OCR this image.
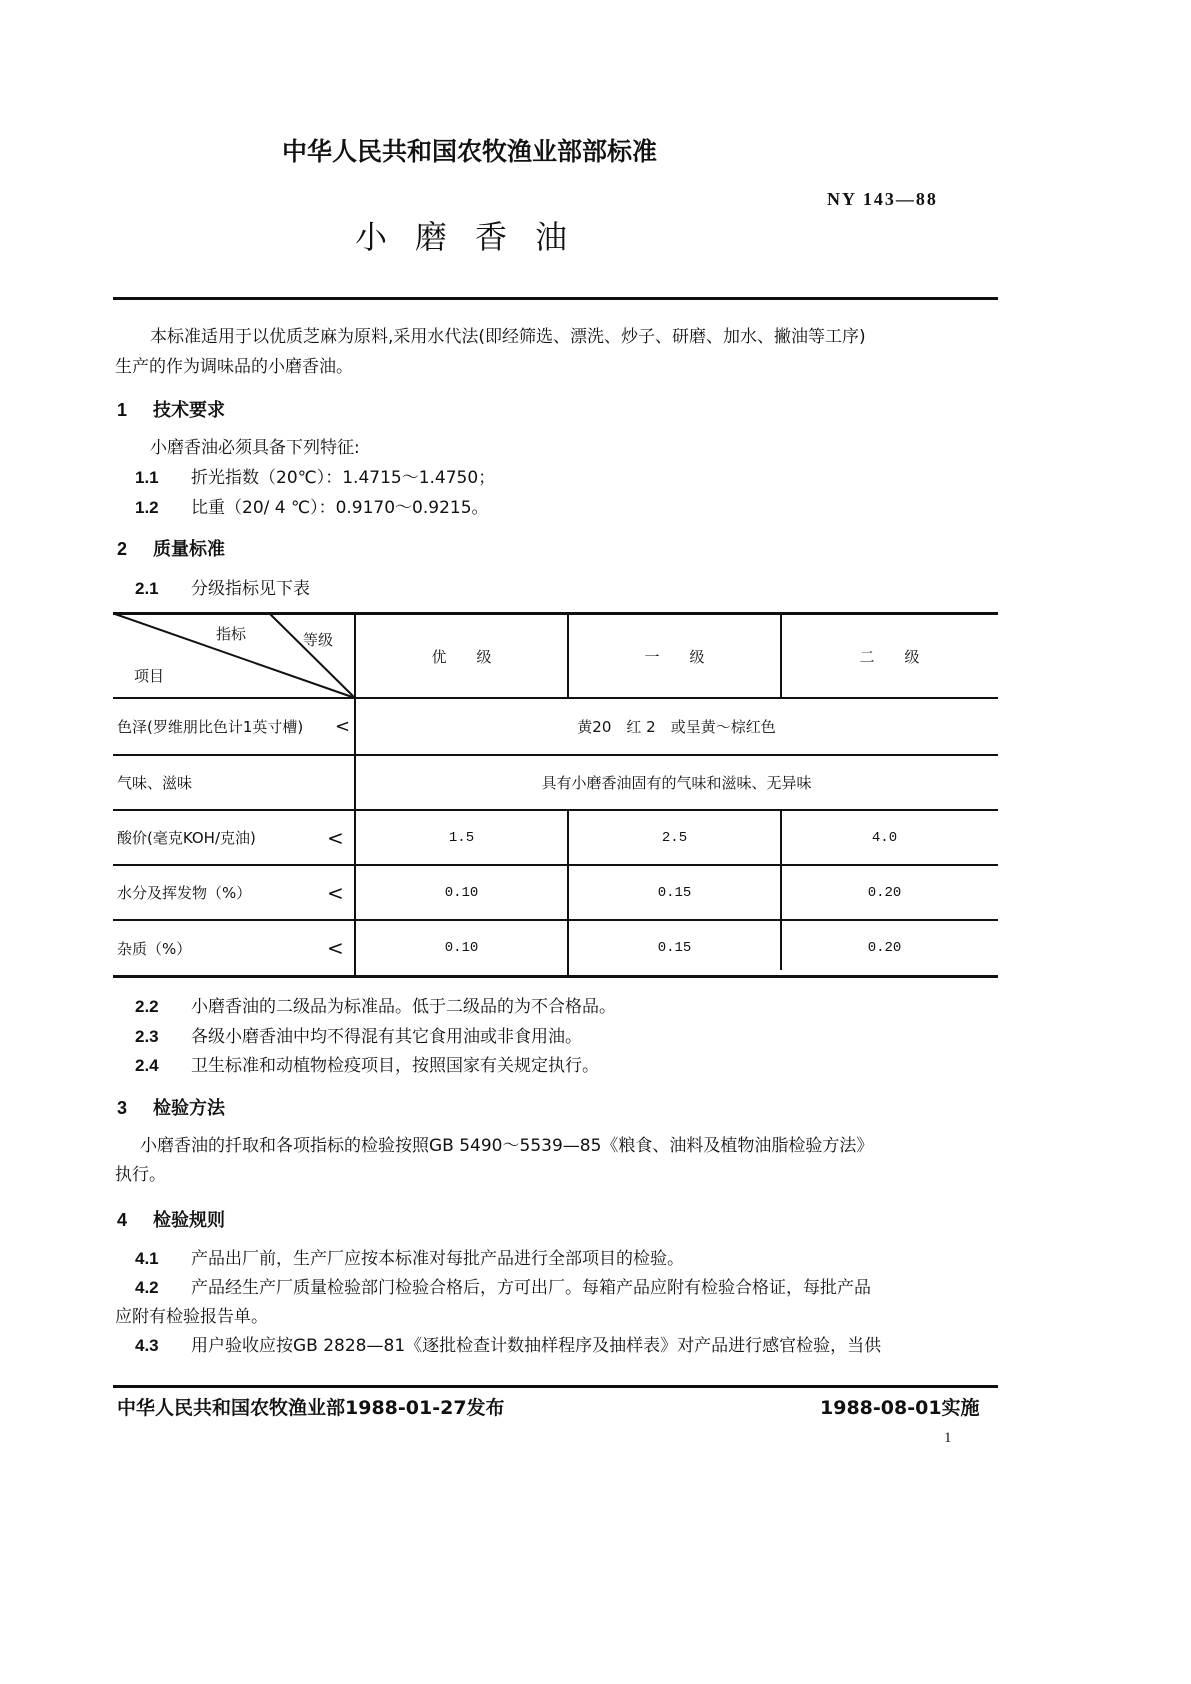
中华人民共和国农牧渔业部部标准
NY 143—88
小磨香油
本标准适用于以优质芝麻为原料,采用水代法(即经筛选、漂洗、炒子、研磨、加水、撇油等工序)
生产的作为调味品的小磨香油。
1 技术要求
小磨香油必须具备下列特征:
1.1 折光指数（20℃）：1.4715～1.4750；
1.2 比重（20/ 4 ℃）：0.9170～0.9215。
2 质量标准
2.1 分级指标见下表
指标	等级
项目
优　　级	一　　级	二　　级
色泽(罗维朋比色计1英寸槽)	<	黄20　红 2　或呈黄～棕红色
气味、滋味	具有小磨香油固有的气味和滋味、无异味
酸价(毫克KOH/克油)	<	1.5	2.5	4.0
水分及挥发物（%）	<	0.10	0.15	0.20
杂质（%）	<	0.10	0.15	0.20
2.2 小磨香油的二级品为标准品。低于二级品的为不合格品。
2.3 各级小磨香油中均不得混有其它食用油或非食用油。
2.4 卫生标准和动植物检疫项目，按照国家有关规定执行。
3 检验方法
小磨香油的扦取和各项指标的检验按照GB 5490～5539—85《粮食、油料及植物油脂检验方法》
执行。
4 检验规则
4.1 产品出厂前，生产厂应按本标准对每批产品进行全部项目的检验。
4.2 产品经生产厂质量检验部门检验合格后，方可出厂。每箱产品应附有检验合格证，每批产品
应附有检验报告单。
4.3 用户验收应按GB 2828—81《逐批检查计数抽样程序及抽样表》对产品进行感官检验，当供
中华人民共和国农牧渔业部1988-01-27发布	1988-08-01实施
1
